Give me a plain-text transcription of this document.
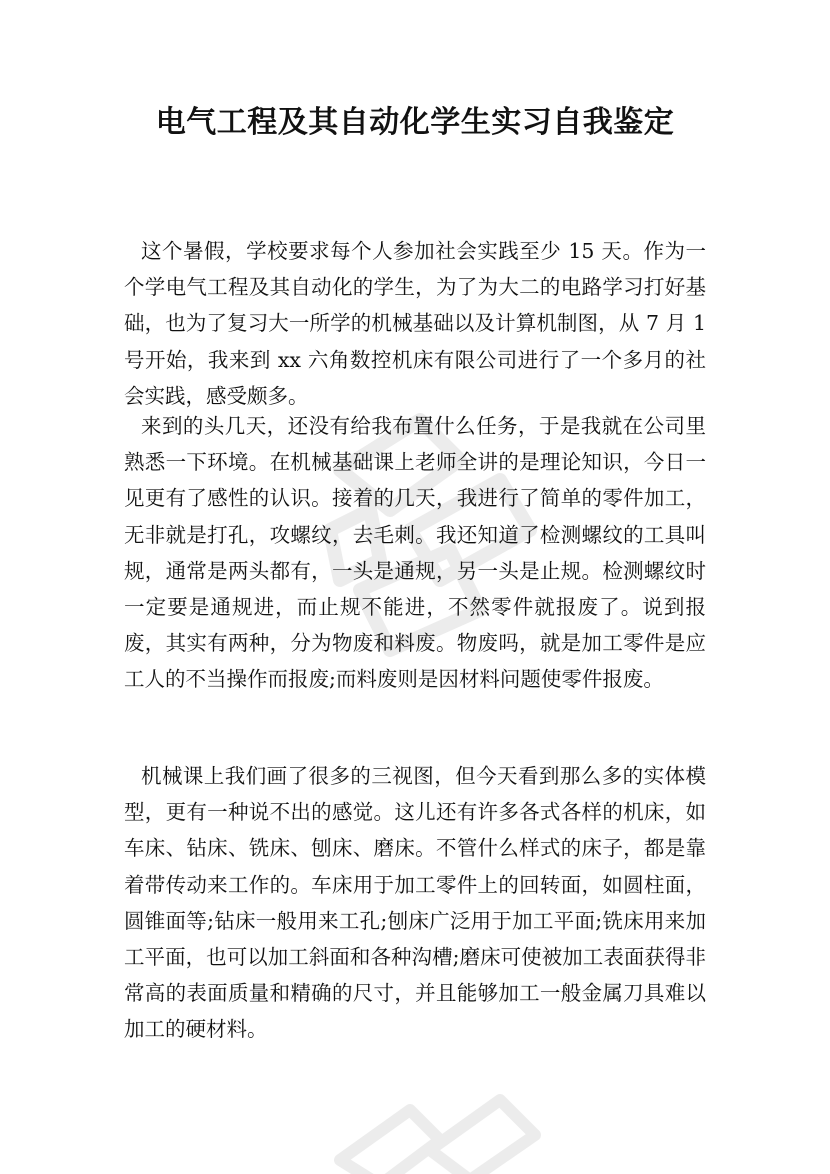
电气工程及其自动化学生实习自我鉴定

这个暑假，学校要求每个人参加社会实践至少 15 天。作为一个学电气工程及其自动化的学生，为了为大二的电路学习打好基础，也为了复习大一所学的机械基础以及计算机制图，从 7 月 1 号开始，我来到 xx 六角数控机床有限公司进行了一个多月的社会实践，感受颇多。

来到的头几天，还没有给我布置什么任务，于是我就在公司里熟悉一下环境。在机械基础课上老师全讲的是理论知识，今日一见更有了感性的认识。接着的几天，我进行了简单的零件加工，无非就是打孔，攻螺纹，去毛刺。我还知道了检测螺纹的工具叫规，通常是两头都有，一头是通规，另一头是止规。检测螺纹时一定要是通规进，而止规不能进，不然零件就报废了。说到报废，其实有两种，分为物废和料废。物废吗，就是加工零件是应工人的不当操作而报废;而料废则是因材料问题使零件报废。

机械课上我们画了很多的三视图，但今天看到那么多的实体模型，更有一种说不出的感觉。这儿还有许多各式各样的机床，如车床、钻床、铣床、刨床、磨床。不管什么样式的床子，都是靠着带传动来工作的。车床用于加工零件上的回转面，如圆柱面，圆锥面等;钻床一般用来工孔;刨床广泛用于加工平面;铣床用来加工平面，也可以加工斜面和各种沟槽;磨床可使被加工表面获得非常高的表面质量和精确的尺寸，并且能够加工一般金属刀具难以加工的硬材料。
